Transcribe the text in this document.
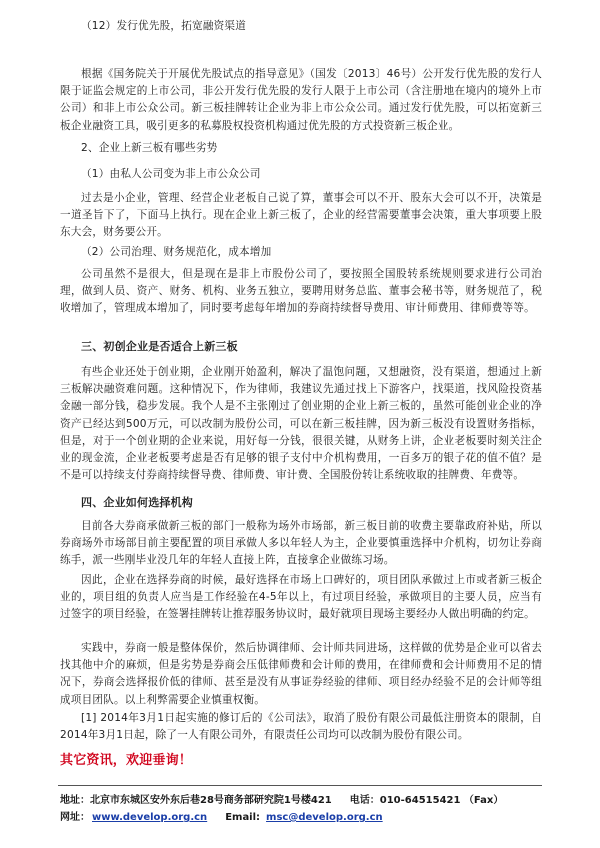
（12）发行优先股，拓宽融资渠道
根据《国务院关于开展优先股试点的指导意见》（国发〔2013〕46号）公开发行优先股的发行人限于证监会规定的上市公司，非公开发行优先股的发行人限于上市公司（含注册地在境内的境外上市公司）和非上市公众公司。新三板挂牌转让企业为非上市公众公司。通过发行优先股，可以拓宽新三板企业融资工具，吸引更多的私募股权投资机构通过优先股的方式投资新三板企业。
2、企业上新三板有哪些劣势
（1）由私人公司变为非上市公众公司
过去是小企业，管理、经营企业老板自己说了算，董事会可以不开、股东大会可以不开，决策是一道圣旨下了，下面马上执行。现在企业上新三板了，企业的经营需要董事会决策，重大事项要上股东大会，财务要公开。
（2）公司治理、财务规范化，成本增加
公司虽然不是很大，但是现在是非上市股份公司了，要按照全国股转系统规则要求进行公司治理，做到人员、资产、财务、机构、业务五独立，要聘用财务总监、董事会秘书等，财务规范了，税收增加了，管理成本增加了，同时要考虑每年增加的券商持续督导费用、审计师费用、律师费等等。
三、初创企业是否适合上新三板
有些企业还处于创业期，企业刚开始盈利，解决了温饱问题，又想融资，没有渠道，想通过上新三板解决融资难问题。这种情况下，作为律师，我建议先通过找上下游客户，找渠道，找风险投资基金融一部分钱，稳步发展。我个人是不主张刚过了创业期的企业上新三板的，虽然可能创业企业的净资产已经达到500万元，可以改制为股份公司，可以在新三板挂牌，因为新三板没有设置财务指标，但是，对于一个创业期的企业来说，用好每一分钱，很很关键，从财务上讲，企业老板要时刻关注企业的现金流，企业老板要考虑是否有足够的银子支付中介机构费用，一百多万的银子花的值不值？是不是可以持续支付券商持续督导费、律师费、审计费、全国股份转让系统收取的挂牌费、年费等。
四、企业如何选择机构
目前各大券商承做新三板的部门一般称为场外市场部，新三板目前的收费主要靠政府补贴，所以券商场外市场部目前主要配置的项目承做人多以年轻人为主，企业要慎重选择中介机构，切勿让券商练手，派一些刚毕业没几年的年轻人直接上阵，直接拿企业做练习场。
因此，企业在选择券商的时候，最好选择在市场上口碑好的，项目团队承做过上市或者新三板企业的，项目组的负责人应当是工作经验在4-5年以上，有过项目经验，承做项目的主要人员，应当有过签字的项目经验，在签署挂牌转让推荐服务协议时，最好就项目现场主要经办人做出明确的约定。
实践中，券商一般是整体保价，然后协调律师、会计师共同进场，这样做的优势是企业可以省去找其他中介的麻烦，但是劣势是券商会压低律师费和会计师的费用，在律师费和会计师费用不足的情况下，券商会选择报价低的律师、甚至是没有从事证券经验的律师、项目经办经验不足的会计师等组成项目团队。以上利弊需要企业慎重权衡。
[1] 2014年3月1日起实施的修订后的《公司法》，取消了股份有限公司最低注册资本的限制，自2014年3月1日起，除了一人有限公司外，有限责任公司均可以改制为股份有限公司。
其它资讯，欢迎垂询！
地址：北京市东城区安外东后巷28号商务部研究院1号楼421 电话：010-64515421 （Fax）
网址： www.develop.org.cn Email: msc@develop.org.cn
